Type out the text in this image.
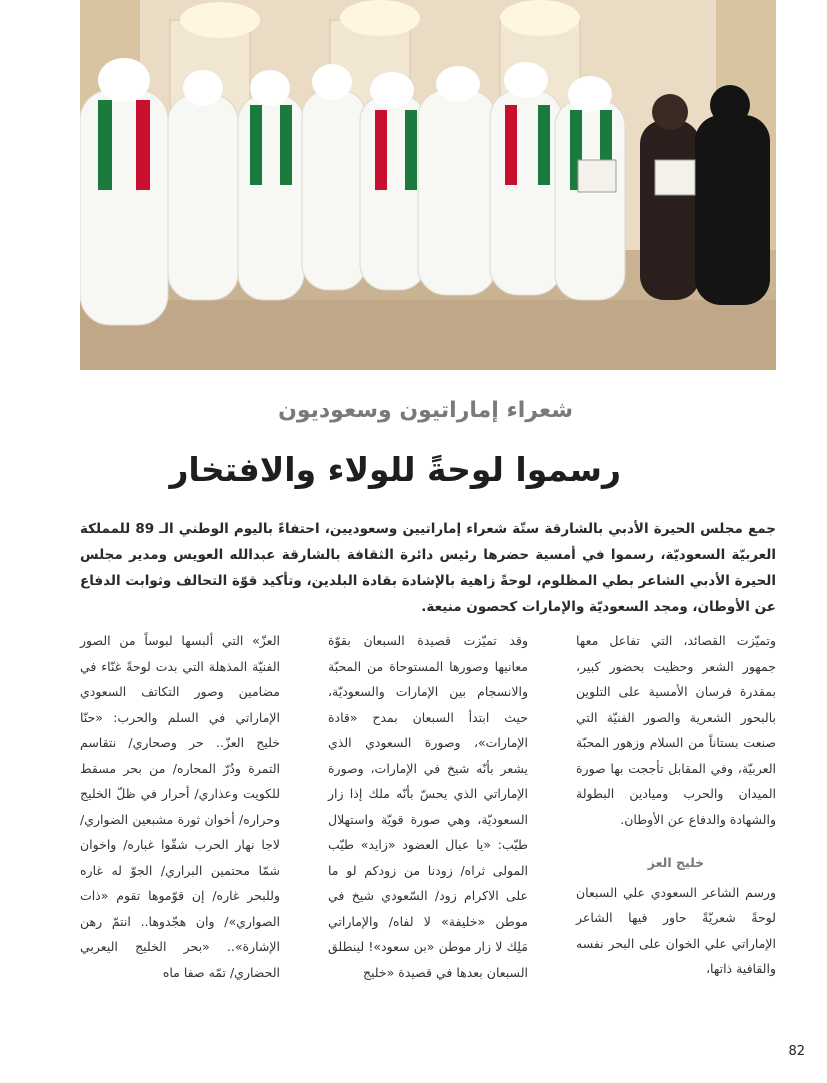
شعراء إماراتيون وسعوديون
رسموا لوحةً للولاء والافتخار
جمع مجلس الحيرة الأدبي بالشارقة ستّة شعراء إماراتيين وسعوديين، احتفاءً باليوم الوطني الـ 89 للمملكة العربيّة السعوديّة، رسموا في أمسية حضرها رئيس دائرة الثقافة بالشارقة عبدالله العويس ومدير مجلس الحيرة الأدبي الشاعر بطي المظلوم، لوحةً زاهية بالإشادة بقادة البلدين، وتأكيد قوّة التحالف وثوابت الدفاع عن الأوطان، ومجد السعوديّة والإمارات كحصون منيعة.

وتميّزت القصائد، التي تفاعل معها جمهور الشعر وحظيت بحضور كبير، بمقدرة فرسان الأمسية على التلوين بالبحور الشعرية والصور الفنيّة التي صنعت بستاناً من السلام وزهور المحبّة العربيّة، وفي المقابل تأججت بها صورة الميدان والحرب وميادين البطولة والشهادة والدفاع عن الأوطان.

خليج العز

ورسم الشاعر السعودي علي السبعان لوحةً شعريّةً حاور فيها الشاعر الإماراتي علي الخوان على البحر نفسه والقافية ذاتها،

وقد تميّزت قصيدة السبعان بقوّة معانيها وصورها المستوحاة من المحبّة والانسجام بين الإمارات والسعوديّة، حيث ابتدأ السبعان بمدح «قادة الإمارات»، وصورة السعودي الذي يشعر بأنّه شيخ في الإمارات، وصورة الإماراتي الذي يحسّ بأنّه ملك إذا زار السعوديّة، وهي صورة قويّة واستهلال طيّب: «يا عيال العضود «زايد» طيّب المولى ثراه/ زودنا من زودكم لو ما على الاكرام زود/ السّعودي شيخ في موطن «خليفة» لا لفاه/ والإماراتي مَلِك لا زار موطن «بن سعود»! لينطلق السبعان بعدها في قصيدة «خليج

العزّ» التي ألبسها لبوساً من الصور الفنيّة المذهلة التي بدت لوحةً غنّاء في مضامين وصور التكاتف السعودي الإماراتي في السلم والحرب: «حنّا خليج العزّ.. حر وصحاري/ نتقاسم التمرة ودُرّ المحاره/ من بحر مسقط للكويت وعذاري/ أحرار في ظلّ الخليج وحراره/ أخوان ثورة مشبعين الضواري/ لاجا نهار الحرب شقّوا غباره/ واخوان شمّا محتمين البراري/ الجوّ له غاره وللبحر غاره/ إن قوّموها تقوم «ذات الصواري»/ وان هجّدوها.. انتمّ رهن الإشارة».. «بحر الخليج اليعربي الحضاري/ تمّه صفا ماه

82
